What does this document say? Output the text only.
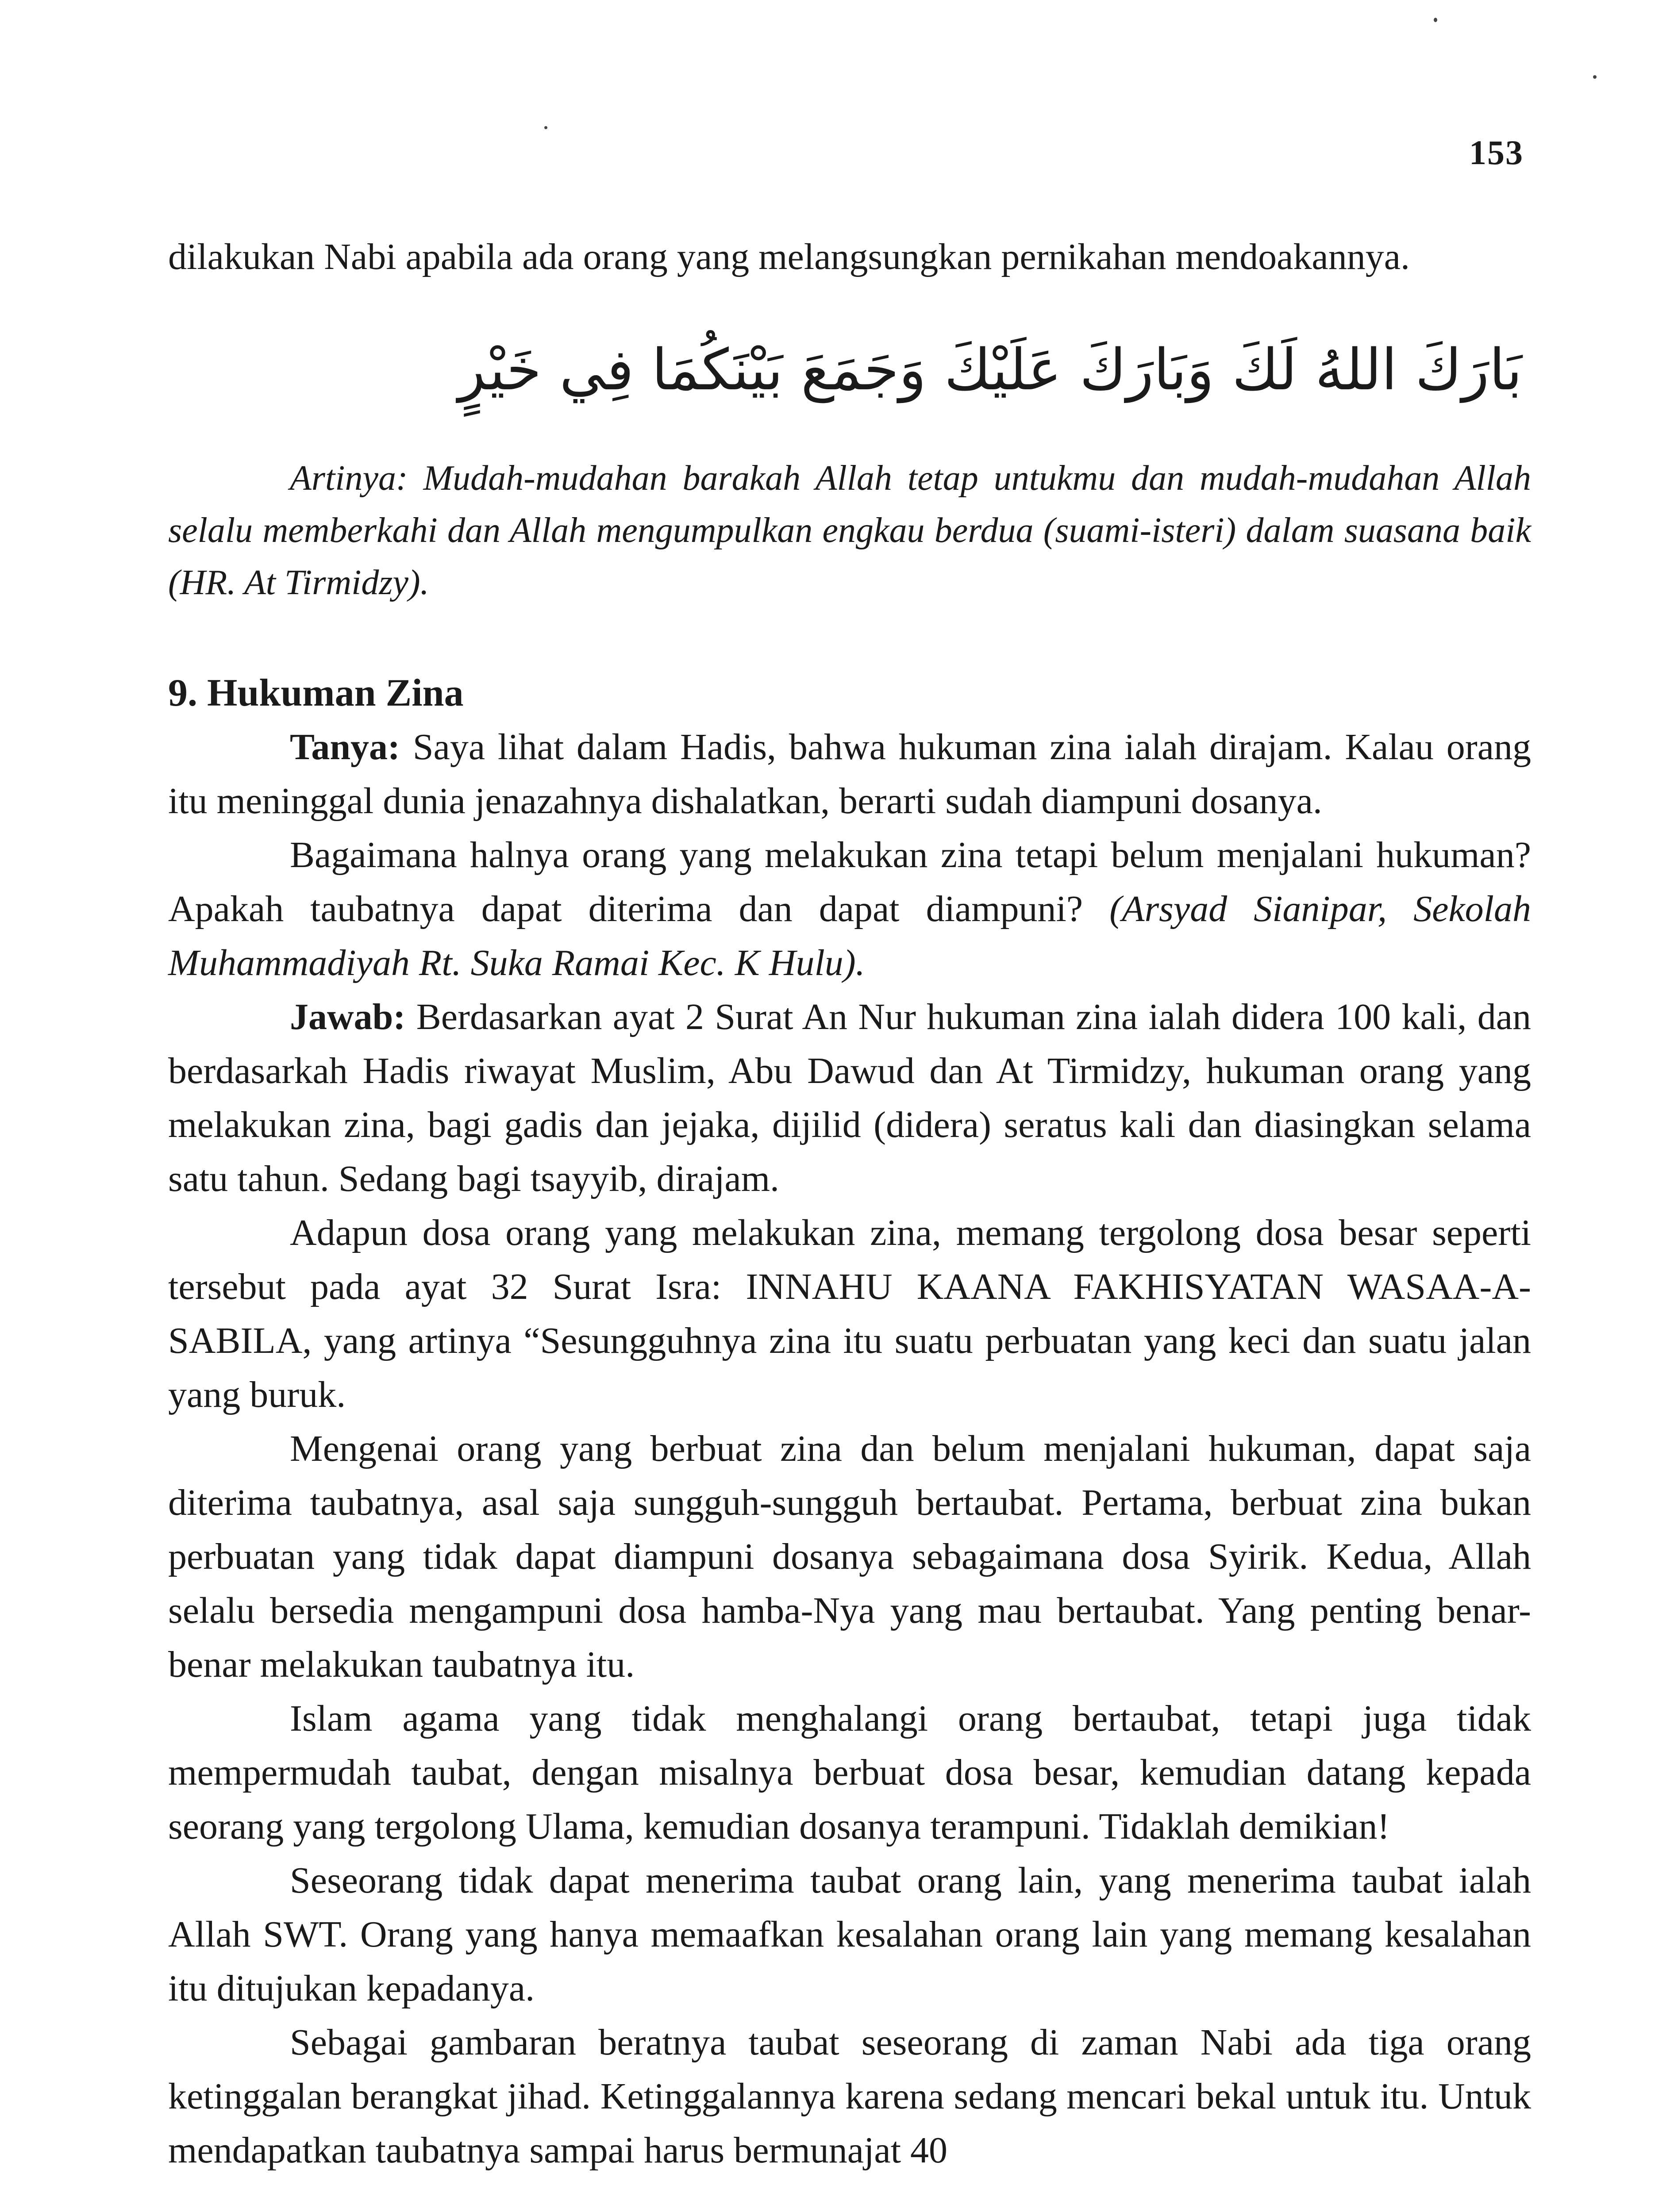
153

dilakukan Nabi apabila ada orang yang melangsungkan pernikahan mendoakannya.

بَارَكَ اللهُ لَكَ وَبَارَكَ عَلَيْكَ وَجَمَعَ بَيْنَكُمَا فِي خَيْرٍ

Artinya: Mudah-mudahan barakah Allah tetap untukmu dan mudah-mudahan Allah selalu memberkahi dan Allah mengumpulkan engkau berdua (suami-isteri) dalam suasana baik (HR. At Tirmidzy).

9. Hukuman Zina

Tanya: Saya lihat dalam Hadis, bahwa hukuman zina ialah dirajam. Kalau orang itu meninggal dunia jenazahnya dishalatkan, berarti sudah diampuni dosanya.

Bagaimana halnya orang yang melakukan zina tetapi belum menjalani hukuman? Apakah taubatnya dapat diterima dan dapat diampuni? (Arsyad Sianipar, Sekolah Muhammadiyah Rt. Suka Ramai Kec. K Hulu).

Jawab: Berdasarkan ayat 2 Surat An Nur hukuman zina ialah didera 100 kali, dan berdasarkah Hadis riwayat Muslim, Abu Dawud dan At Tirmidzy, hukuman orang yang melakukan zina, bagi gadis dan jejaka, dijilid (didera) seratus kali dan diasingkan selama satu tahun. Sedang bagi tsayyib, dirajam.

Adapun dosa orang yang melakukan zina, memang tergolong dosa besar seperti tersebut pada ayat 32 Surat Isra: INNAHU KAANA FAKHISYATAN WASAA-A-SABILA, yang artinya “Sesungguhnya zina itu suatu perbuatan yang keci dan suatu jalan yang buruk.

Mengenai orang yang berbuat zina dan belum menjalani hukuman, dapat saja diterima taubatnya, asal saja sungguh-sungguh bertaubat. Pertama, berbuat zina bukan perbuatan yang tidak dapat diampuni dosanya sebagaimana dosa Syirik. Kedua, Allah selalu bersedia mengampuni dosa hamba-Nya yang mau bertaubat. Yang penting benar-benar melakukan taubatnya itu.

Islam agama yang tidak menghalangi orang bertaubat, tetapi juga tidak mempermudah taubat, dengan misalnya berbuat dosa besar, kemudian datang kepada seorang yang tergolong Ulama, kemudian dosanya terampuni. Tidaklah demikian!

Seseorang tidak dapat menerima taubat orang lain, yang menerima taubat ialah Allah SWT. Orang yang hanya memaafkan kesalahan orang lain yang memang kesalahan itu ditujukan kepadanya.

Sebagai gambaran beratnya taubat seseorang di zaman Nabi ada tiga orang ketinggalan berangkat jihad. Ketinggalannya karena sedang mencari bekal untuk itu. Untuk mendapatkan taubatnya sampai harus bermunajat 40
